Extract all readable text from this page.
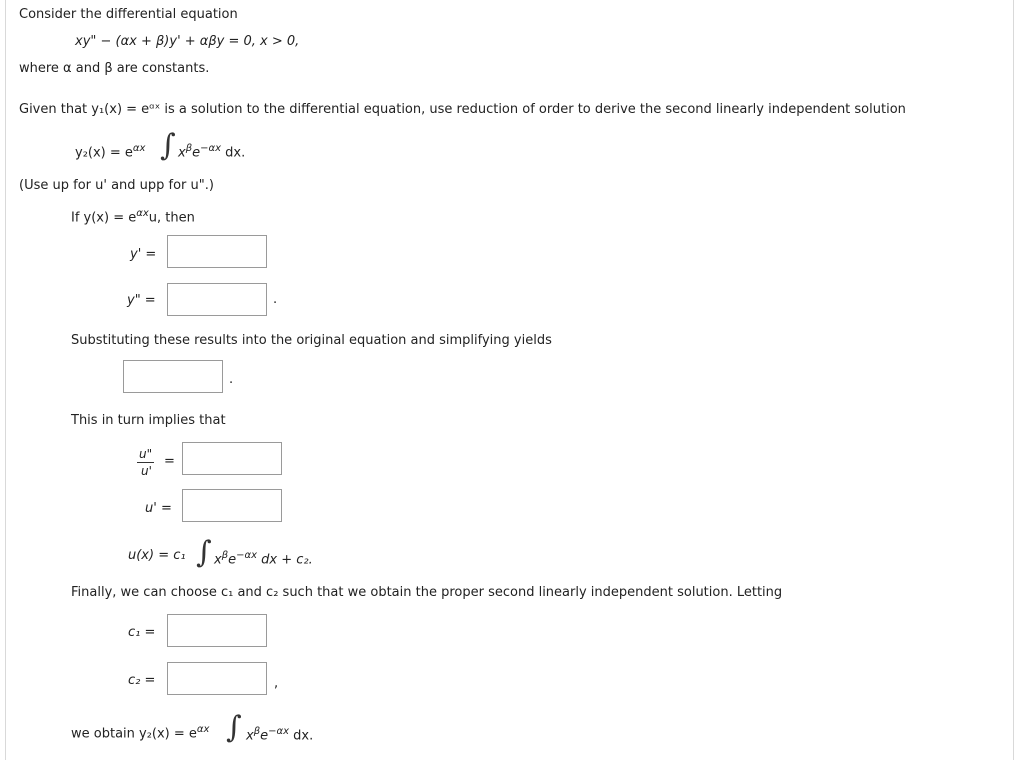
Consider the differential equation
xy" − (αx + β)y' + αβy = 0, x > 0,
where α and β are constants.
Given that y₁(x) = eᵅˣ is a solution to the differential equation, use reduction of order to derive the second linearly independent solution
$y_2(x) = e^{\alpha x}$ ∫ $x^\beta e^{-\alpha x}$ dx.
(Use up for u' and upp for u".)
If $y(x) = e^{\alpha x}u$, then
y' =
y" =	.
Substituting these results into the original equation and simplifying yields
.
This in turn implies that
u"
u'
=
u' =
u(x) = c₁ ∫ $x^\beta e^{-\alpha x}$ dx + c₂.
Finally, we can choose c₁ and c₂ such that we obtain the proper second linearly independent solution. Letting
c₁ =
c₂ =	,
we obtain $y_2(x) = e^{\alpha x}$ ∫ $x^\beta e^{-\alpha x}$ dx.
